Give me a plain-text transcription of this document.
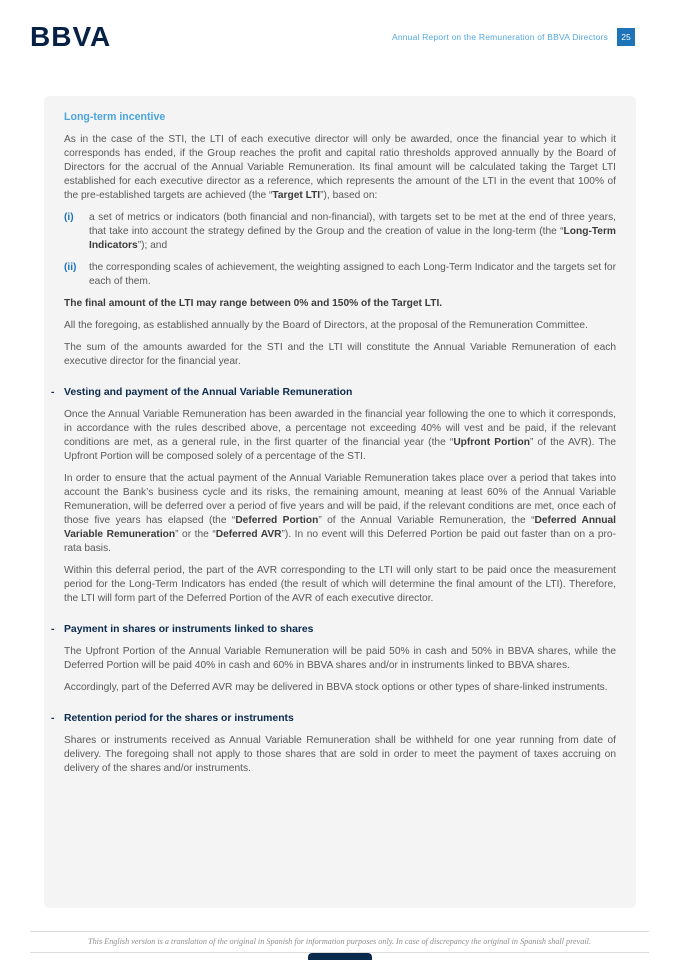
BBVA	Annual Report on the Remuneration of BBVA Directors	25
Long-term incentive

As in the case of the STI, the LTI of each executive director will only be awarded, once the financial year to which it corresponds has ended, if the Group reaches the profit and capital ratio thresholds approved annually by the Board of Directors for the accrual of the Annual Variable Remuneration. Its final amount will be calculated taking the Target LTI established for each executive director as a reference, which represents the amount of the LTI in the event that 100% of the pre-established targets are achieved (the “Target LTI”), based on:

(i)	a set of metrics or indicators (both financial and non-financial), with targets set to be met at the end of three years, that take into account the strategy defined by the Group and the creation of value in the long-term (the “Long-Term Indicators”); and
(ii)	the corresponding scales of achievement, the weighting assigned to each Long-Term Indicator and the targets set for each of them.

The final amount of the LTI may range between 0% and 150% of the Target LTI.

All the foregoing, as established annually by the Board of Directors, at the proposal of the Remuneration Committee.

The sum of the amounts awarded for the STI and the LTI will constitute the Annual Variable Remuneration of each executive director for the financial year.

- Vesting and payment of the Annual Variable Remuneration

Once the Annual Variable Remuneration has been awarded in the financial year following the one to which it corresponds, in accordance with the rules described above, a percentage not exceeding 40% will vest and be paid, if the relevant conditions are met, as a general rule, in the first quarter of the financial year (the “Upfront Portion” of the AVR). The Upfront Portion will be composed solely of a percentage of the STI.

In order to ensure that the actual payment of the Annual Variable Remuneration takes place over a period that takes into account the Bank’s business cycle and its risks, the remaining amount, meaning at least 60% of the Annual Variable Remuneration, will be deferred over a period of five years and will be paid, if the relevant conditions are met, once each of those five years has elapsed (the “Deferred Portion” of the Annual Variable Remuneration, the “Deferred Annual Variable Remuneration” or the “Deferred AVR”). In no event will this Deferred Portion be paid out faster than on a pro-rata basis.

Within this deferral period, the part of the AVR corresponding to the LTI will only start to be paid once the measurement period for the Long-Term Indicators has ended (the result of which will determine the final amount of the LTI). Therefore, the LTI will form part of the Deferred Portion of the AVR of each executive director.

- Payment in shares or instruments linked to shares

The Upfront Portion of the Annual Variable Remuneration will be paid 50% in cash and 50% in BBVA shares, while the Deferred Portion will be paid 40% in cash and 60% in BBVA shares and/or in instruments linked to BBVA shares.

Accordingly, part of the Deferred AVR may be delivered in BBVA stock options or other types of share-linked instruments.

- Retention period for the shares or instruments

Shares or instruments received as Annual Variable Remuneration shall be withheld for one year running from date of delivery. The foregoing shall not apply to those shares that are sold in order to meet the payment of taxes accruing on delivery of the shares and/or instruments.

This English version is a translation of the original in Spanish for information purposes only. In case of discrepancy the original in Spanish shall prevail.
